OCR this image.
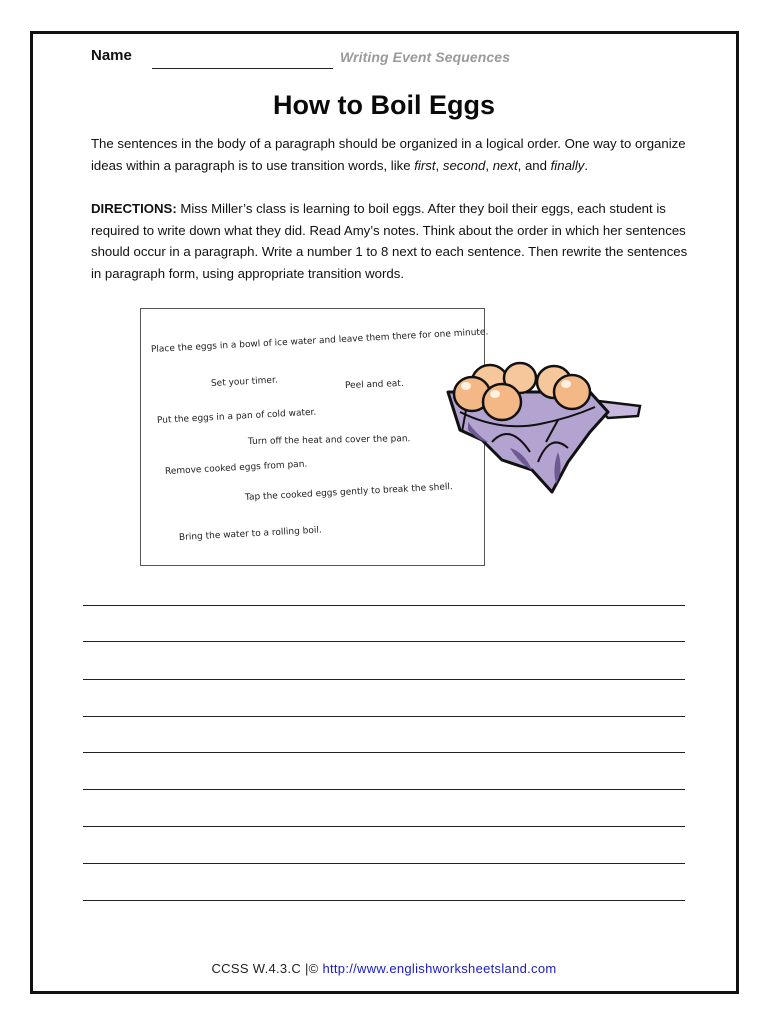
Name	Writing Event Sequences
How to Boil Eggs
The sentences in the body of a paragraph should be organized in a logical order. One way to organize ideas within a paragraph is to use transition words, like first, second, next, and finally.
DIRECTIONS: Miss Miller’s class is learning to boil eggs. After they boil their eggs, each student is required to write down what they did. Read Amy’s notes. Think about the order in which her sentences should occur in a paragraph. Write a number 1 to 8 next to each sentence. Then rewrite the sentences in paragraph form, using appropriate transition words.
Place the eggs in a bowl of ice water and leave them there for one minute.
Set your timer.	Peel and eat.
Put the eggs in a pan of cold water.
Turn off the heat and cover the pan.
Remove cooked eggs from pan.
Tap the cooked eggs gently to break the shell.
Bring the water to a rolling boil.
CCSS W.4.3.C |© http://www.englishworksheetsland.com
